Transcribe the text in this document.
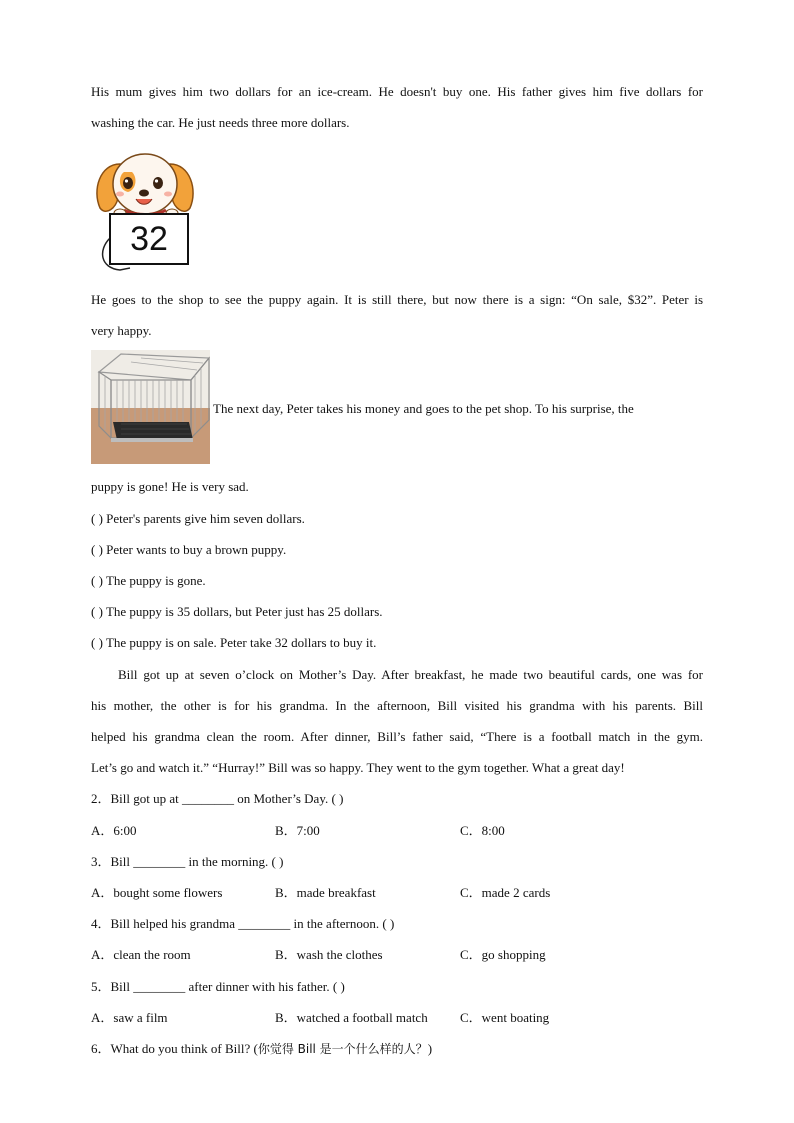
His mum gives him two dollars for an ice-cream. He doesn't buy one. His father gives him five dollars for
washing the car. He just needs three more dollars.
32
He goes to the shop to see the puppy again. It is still there, but now there is a sign: “On sale, $32”. Peter is
very happy.
The next day, Peter takes his money and goes to the pet shop. To his surprise, the
puppy is gone! He is very sad.
( ) Peter's parents give him seven dollars.
( ) Peter wants to buy a brown puppy.
( ) The puppy is gone.
( ) The puppy is 35 dollars, but Peter just has 25 dollars.
( ) The puppy is on sale. Peter take 32 dollars to buy it.
Bill got up at seven o’clock on Mother’s Day. After breakfast, he made two beautiful cards, one was for
his mother, the other is for his grandma. In the afternoon, Bill visited his grandma with his parents. Bill
helped his grandma clean the room. After dinner, Bill’s father said, “There is a football match in the gym.
Let’s go and watch it.” “Hurray!” Bill was so happy. They went to the gym together. What a great day!
2．Bill got up at ________ on Mother’s Day. ( )
A．6:00	B．7:00	C．8:00
3．Bill ________ in the morning. ( )
A．bought some flowers	B．made breakfast	C．made 2 cards
4．Bill helped his grandma ________ in the afternoon. ( )
A．clean the room	B．wash the clothes	C．go shopping
5．Bill ________ after dinner with his father. ( )
A．saw a film	B．watched a football match C．went boating
6．What do you think of Bill? (你觉得 Bill 是一个什么样的人？)
